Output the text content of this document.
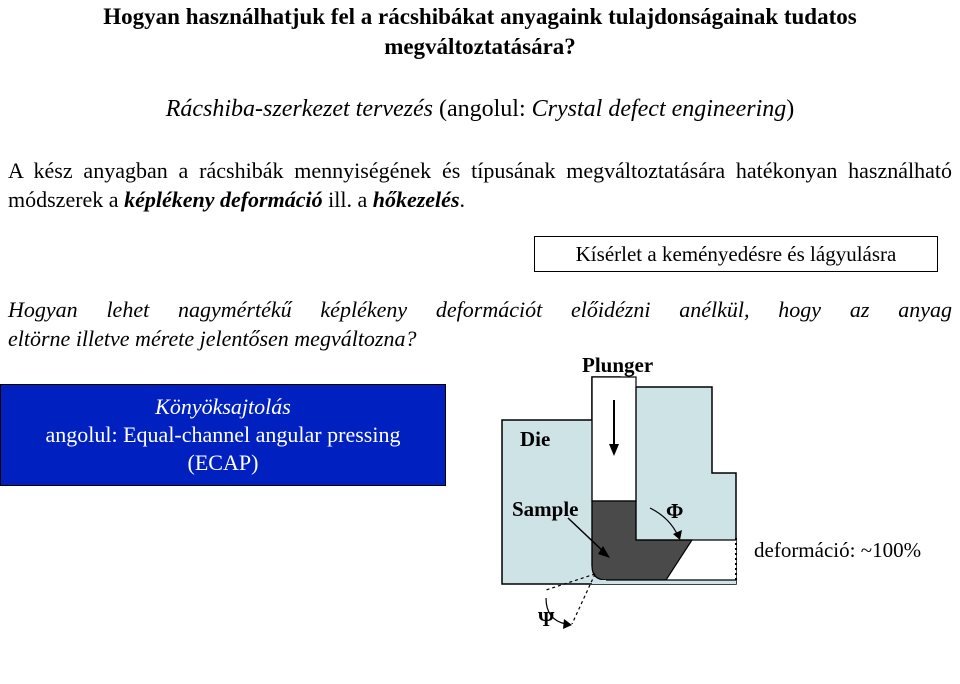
Hogyan használhatjuk fel a rácshibákat anyagaink tulajdonságainak tudatos
megváltoztatására?
Rácshiba-szerkezet tervezés (angolul: Crystal defect engineering)
A kész anyagban a rácshibák mennyiségének és típusának megváltoztatására hatékonyan használható módszerek a képlékeny deformáció ill. a hőkezelés.
Kísérlet a keményedésre és lágyulásra
Hogyan lehet nagymértékű képlékeny deformációt előidézni anélkül, hogy az anyag
eltörne illetve mérete jelentősen megváltozna?
Könyöksajtolás
angolul: Equal-channel angular pressing
(ECAP)
Plunger
Die
Sample	Φ
Ψ
deformáció: ~100%
